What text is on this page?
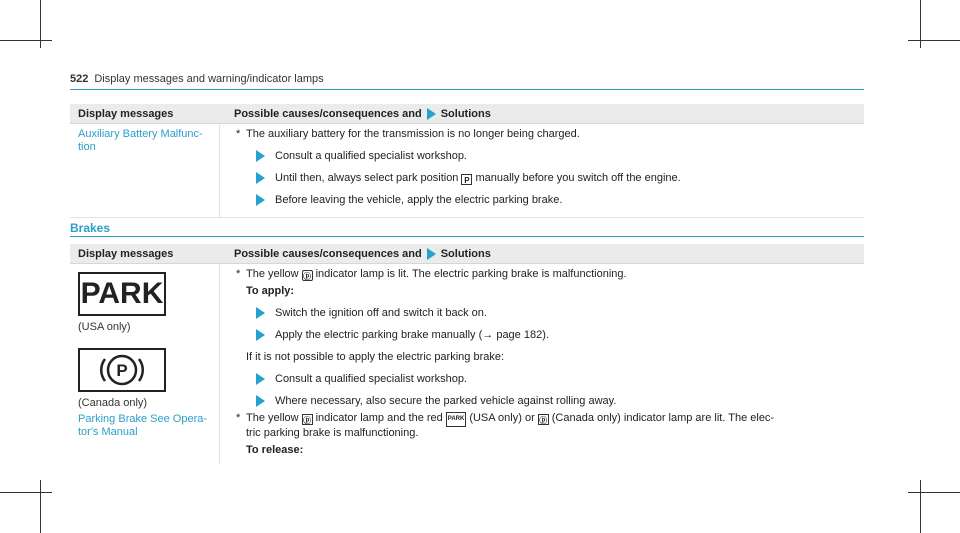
522 Display messages and warning/indicator lamps
Display messages	Possible causes/consequences and Solutions
Auxiliary Battery Malfunc-
tion
* The auxiliary battery for the transmission is no longer being charged.
Consult a qualified specialist workshop.
Until then, always select park position P manually before you switch off the engine.
Before leaving the vehicle, apply the electric parking brake.
Brakes
Display messages	Possible causes/consequences and Solutions
PARK
(USA only)
P
(Canada only)
Parking Brake See Opera-
tor's Manual
* The yellow ⓟ indicator lamp is lit. The electric parking brake is malfunctioning.
To apply:
Switch the ignition off and switch it back on.
Apply the electric parking brake manually (→ page 182).
If it is not possible to apply the electric parking brake:
Consult a qualified specialist workshop.
Where necessary, also secure the parked vehicle against rolling away.
* The yellow ⓟ indicator lamp and the red PARK (USA only) or ⓟ (Canada only) indicator lamp are lit. The elec-
tric parking brake is malfunctioning.
To release:
